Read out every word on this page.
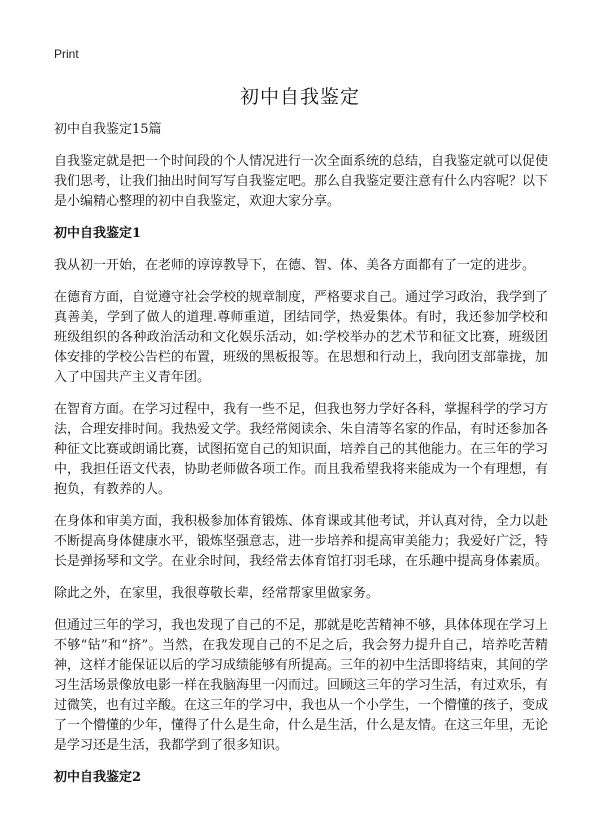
Print
初中自我鉴定

初中自我鉴定15篇

自我鉴定就是把一个时间段的个人情况进行一次全面系统的总结，自我鉴定就可以促使我们思考，让我们抽出时间写写自我鉴定吧。那么自我鉴定要注意有什么内容呢？以下是小编精心整理的初中自我鉴定，欢迎大家分享。

初中自我鉴定1

我从初一开始，在老师的谆谆教导下，在德、智、体、美各方面都有了一定的进步。

在德育方面，自觉遵守社会学校的规章制度，严格要求自己。通过学习政治，我学到了真善美，学到了做人的道理.尊师重道，团结同学，热爱集体。有时，我还参加学校和班级组织的各种政治活动和文化娱乐活动，如:学校举办的艺术节和征文比赛，班级团体安排的学校公告栏的布置，班级的黑板报等。在思想和行动上，我向团支部靠拢，加入了中国共产主义青年团。

在智育方面。在学习过程中，我有一些不足，但我也努力学好各科，掌握科学的学习方法，合理安排时间。我热爱文学。我经常阅读余、朱自清等名家的作品，有时还参加各种征文比赛或朗诵比赛，试图拓宽自己的知识面，培养自己的其他能力。在三年的学习中，我担任语文代表，协助老师做各项工作。而且我希望我将来能成为一个有理想，有抱负，有教养的人。

在身体和审美方面，我积极参加体育锻炼、体育课或其他考试，并认真对待，全力以赴不断提高身体健康水平，锻炼坚强意志，进一步培养和提高审美能力；我爱好广泛，特长是弹扬琴和文学。在业余时间，我经常去体育馆打羽毛球，在乐趣中提高身体素质。

除此之外，在家里，我很尊敬长辈，经常帮家里做家务。

但通过三年的学习，我也发现了自己的不足，那就是吃苦精神不够，具体体现在学习上不够“钻”和“挤”。当然，在我发现自己的不足之后，我会努力提升自己，培养吃苦精神，这样才能保证以后的学习成绩能够有所提高。三年的初中生活即将结束，其间的学习生活场景像放电影一样在我脑海里一闪而过。回顾这三年的学习生活，有过欢乐，有过微笑，也有过辛酸。在这三年的学习中，我也从一个小学生，一个懵懂的孩子，变成了一个懵懂的少年，懂得了什么是生命，什么是生活，什么是友情。在这三年里，无论是学习还是生活，我都学到了很多知识。

初中自我鉴定2
